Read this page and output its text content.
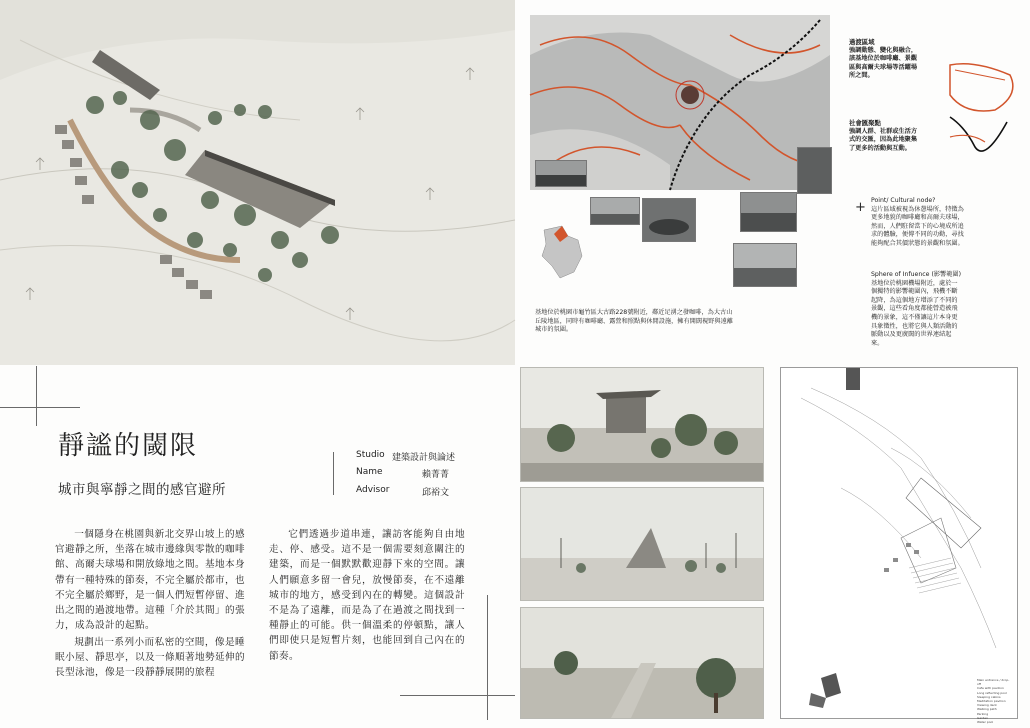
基地位於桃園市龜竹區大古路228號附近，鄰近足湧之發咖啡，為大古山丘陵地區，同時有咖啡廳、露營和照點與休閒設施，擁有開闊視野與遠離城市的氛圍。
過渡區域
強調動態、變化與融合，該基地位於咖啡廳、景觀區與高爾夫球場等活躍場所之間。
社會匯聚點
強調人群、社群或生活方式的交匯，因為此地聚集了更多的活動與互動。
+ Point/ Cultural node?
這片區域被視為休憩場所，特徵為更多地貌的咖啡廳和高爾夫球場，然而，人們駐留當下的心境成所追求的體驗，便傳不同的功勤，尋找能夠配合其價狀態的景觀和氛圍。
Sphere of Infuence (影響範圍)
基地位於桃園機場附近，處於一個獨特的影響範圍內，飛機不斷起降，為這個地方增添了不同的景觀，這些看角度都能營造被飛機的景象，這不僅讓這片本身更具象徵性，也將它與人類活動的脈動以及更廣闊的世界連結起來。
靜謐的閾限
城市與寧靜之間的感官避所
Studio 建築設計與論述
Name	賴菁菁
Advisor	邱裕文
一個隱身在桃園與新北交界山坡上的感官避靜之所，坐落在城市邊緣與零散的咖啡館、高爾夫球場和開放綠地之間。基地本身帶有一種特殊的節奏，不完全屬於都市，也不完全屬於鄉野，是一個人們短暫停留、進出之間的過渡地帶。這種「介於其間」的張力，成為設計的起點。
規劃出一系列小而私密的空間，像是睡眠小屋、靜思亭，以及一條順著地勢延伸的長型泳池，像是一段靜靜展開的旅程
它們透過步道串連，讓訪客能夠自由地走、停、感受。這不是一個需要刻意關注的建築，而是一個默默歡迎靜下來的空間。讓人們願意多留一會兒，放慢節奏，在不遠離城市的地方，感受到內在的轉變。這個設計不是為了遠離，而是為了在過渡之間找到一種靜止的可能。供一個溫柔的停頓點，讓人們即使只是短暫片刻，也能回到自己內在的節奏。
Main entrance / drop-off
Cafe with pavilion
Long reflecting pool
Sleeping cabins
Meditation pavilion
Viewing deck
Walking path
Parking
Garden
Water pool
